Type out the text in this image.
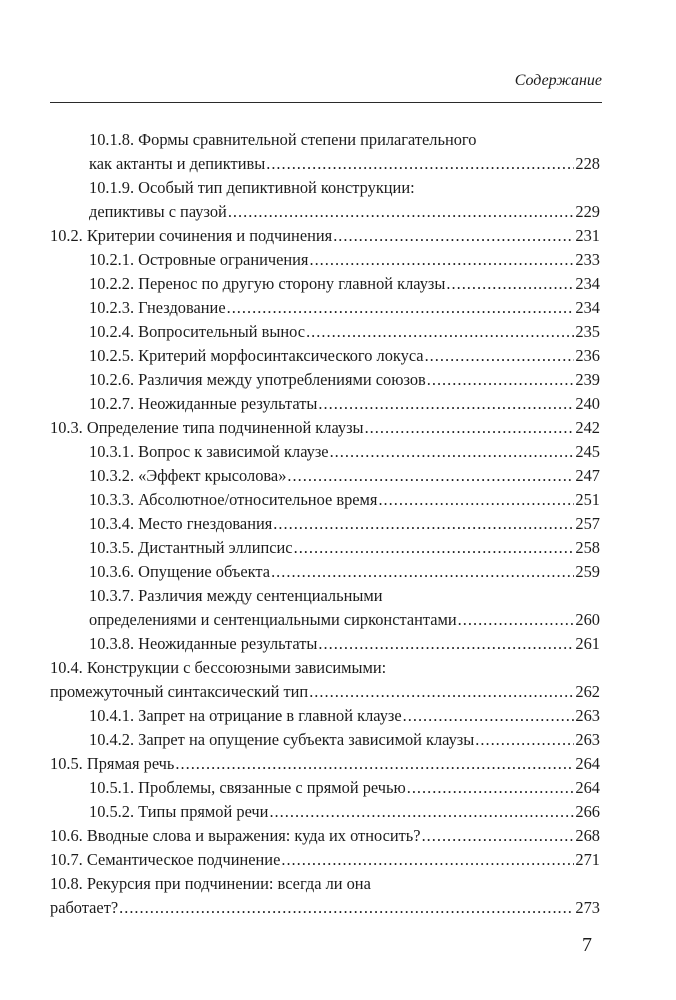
Содержание
10.1.8. Формы сравнительной степени прилагательного
как актанты и депиктивы .....	228
10.1.9. Особый тип депиктивной конструкции:
депиктивы с паузой .....	229
10.2. Критерии сочинения и подчинения .....	231
10.2.1. Островные ограничения .....	233
10.2.2. Перенос по другую сторону главной клаузы .....	234
10.2.3. Гнездование .....	234
10.2.4. Вопросительный вынос .....	235
10.2.5. Критерий морфосинтаксического локуса .....	236
10.2.6. Различия между употреблениями союзов .....	239
10.2.7. Неожиданные результаты .....	240
10.3. Определение типа подчиненной клаузы .....	242
10.3.1. Вопрос к зависимой клаузе .....	245
10.3.2. «Эффект крысолова» .....	247
10.3.3. Абсолютное/относительное время .....	251
10.3.4. Место гнездования .....	257
10.3.5. Дистантный эллипсис .....	258
10.3.6. Опущение объекта .....	259
10.3.7. Различия между сентенциальными
определениями и сентенциальными сирконстантами .....	260
10.3.8. Неожиданные результаты .....	261
10.4. Конструкции с бессоюзными зависимыми:
промежуточный синтаксический тип .....	262
10.4.1. Запрет на отрицание в главной клаузе .....	263
10.4.2. Запрет на опущение субъекта зависимой клаузы .....	263
10.5. Прямая речь .....	264
10.5.1. Проблемы, связанные с прямой речью .....	264
10.5.2. Типы прямой речи .....	266
10.6. Вводные слова и выражения: куда их относить? .....	268
10.7. Семантическое подчинение .....	271
10.8. Рекурсия при подчинении: всегда ли она
работает? .....	273
7
